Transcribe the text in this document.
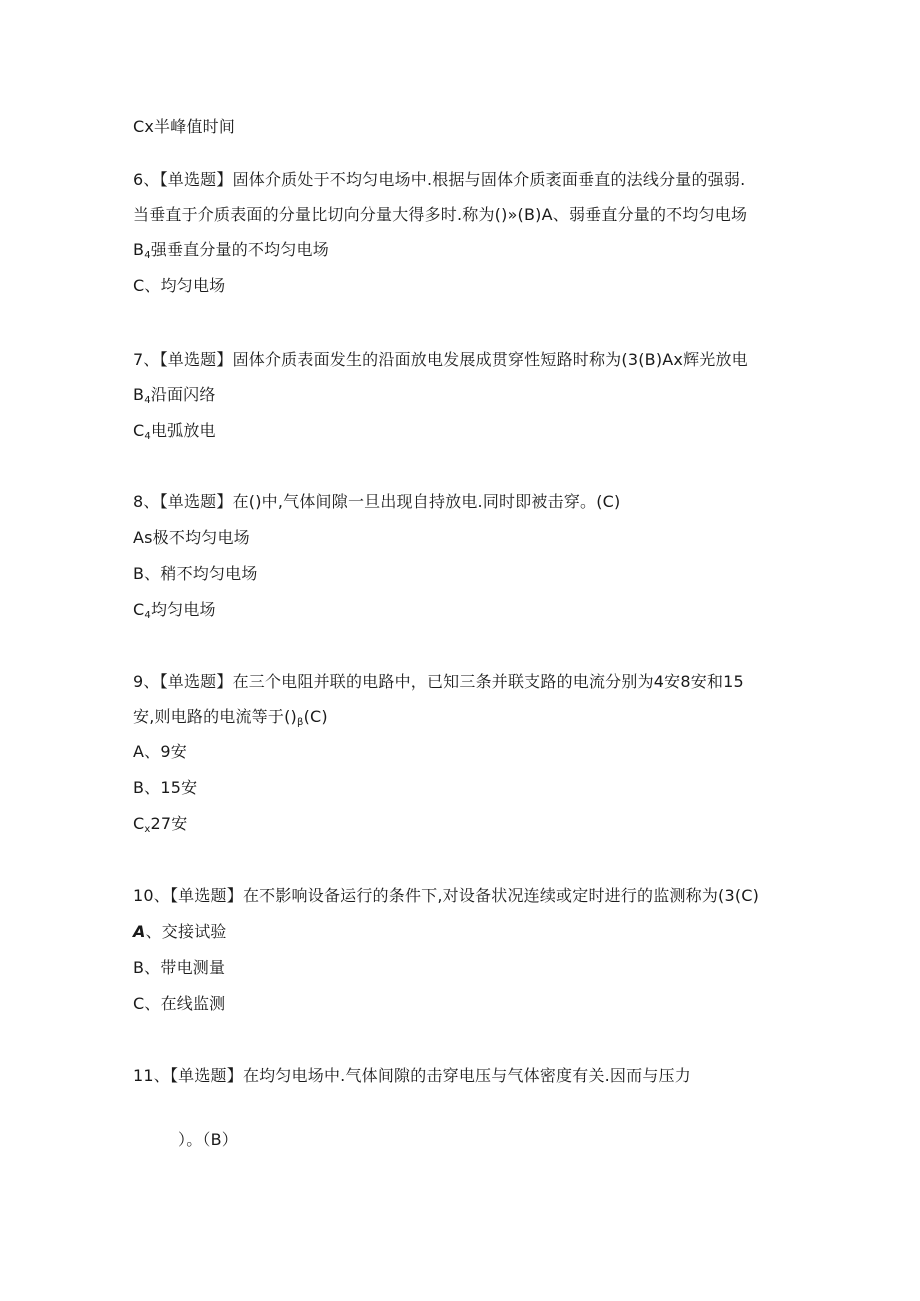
Cx半峰值时间
6、【单选题】固体介质处于不均匀电场中.根据与固体介质袤面垂直的法线分量的强弱.
当垂直于介质表面的分量比切向分量大得多时.称为()»(B)A、弱垂直分量的不均匀电场
$B_4$强垂直分量的不均匀电场
C、均匀电场
7、【单选题】固体介质表面发生的沿面放电发展成贯穿性短路时称为(3(B)Ax辉光放电
$B_4$沿面闪络
$C_4$电弧放电
8、【单选题】在()中,气体间隙一旦出现自持放电.同时即被击穿。(C)
As极不均匀电场
B、稍不均匀电场
$C_4$均匀电场
9、【单选题】在三个电阻并联的电路中，已知三条并联支路的电流分别为4安8安和15
安,则电路的电流等于$()_\beta(C)$
A、9安
B、15安
$C_x27$安
10、【单选题】在不影响设备运行的条件下,对设备状况连续或定时进行的监测称为(3(C)
A、交接试验
B、带电测量
C、在线监测
11、【单选题】在均匀电场中.气体间隙的击穿电压与气体密度有关.因而与压力
）。（B）
